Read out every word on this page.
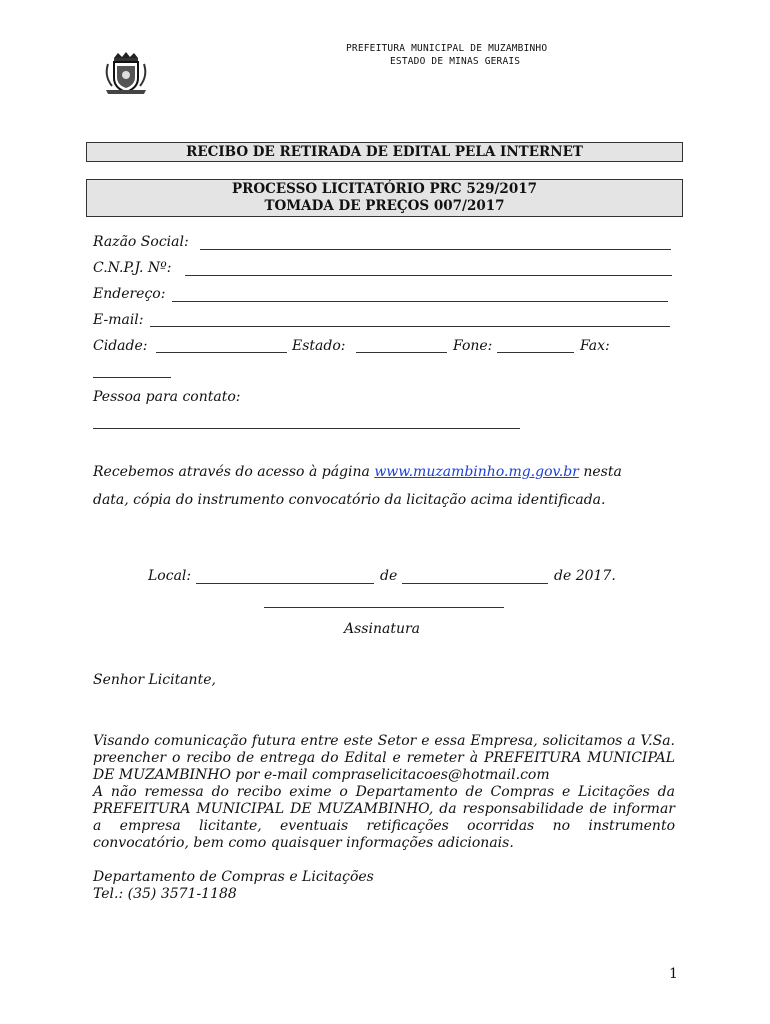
PREFEITURA MUNICIPAL DE MUZAMBINHO
ESTADO DE MINAS GERAIS
RECIBO DE RETIRADA DE EDITAL PELA INTERNET
PROCESSO LICITATÓRIO PRC 529/2017
TOMADA DE PREÇOS 007/2017
Razão Social:
C.N.P.J. Nº:
Endereço:
E-mail:
Cidade:	Estado:	Fone:	Fax:
Pessoa para contato:
Recebemos através do acesso à página www.muzambinho.mg.gov.br nesta
data, cópia do instrumento convocatório da licitação acima identificada.
Local:	de	de 2017.
Assinatura
Senhor Licitante,
Visando comunicação futura entre este Setor e essa Empresa, solicitamos a V.Sa. preencher o recibo de entrega do Edital e remeter à PREFEITURA MUNICIPAL DE MUZAMBINHO por e-mail compraselicitacoes@hotmail.com
A não remessa do recibo exime o Departamento de Compras e Licitações da PREFEITURA MUNICIPAL DE MUZAMBINHO, da responsabilidade de informar a empresa licitante, eventuais retificações ocorridas no instrumento convocatório, bem como quaisquer informações adicionais.
Departamento de Compras e Licitações
Tel.: (35) 3571-1188
1
